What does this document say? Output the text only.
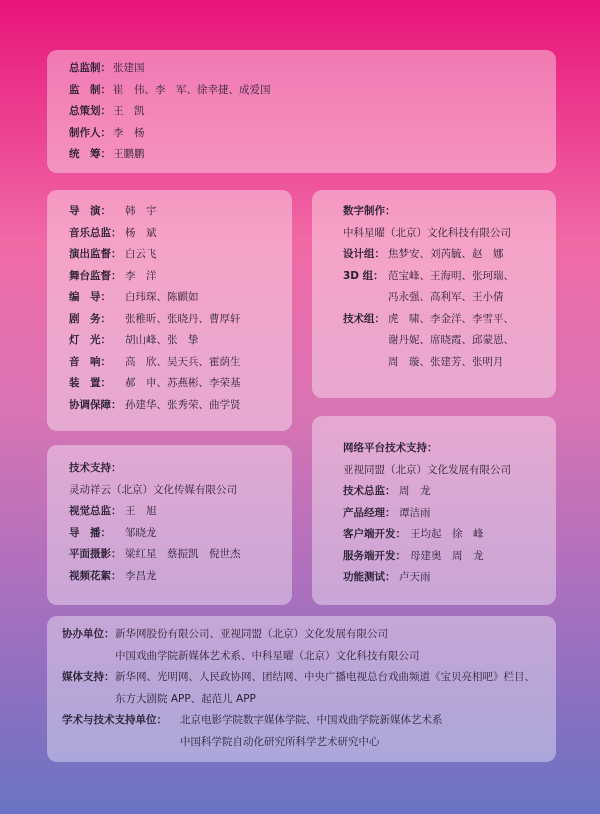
总监制： 张建国
监　制： 崔　伟、李　军、徐幸捷、成爱国
总策划： 王　凯
制作人： 李　杨
统　筹： 王鹏鹏
导　演：	韩　宇
音乐总监： 杨　斌
演出监督： 白云飞
舞台监督： 李　洋
编　导：	白玮琛、陈麒如
剧　务：	张稚昕、张晓丹、曹厚轩
灯　光：	胡山峰、张　挚
音　响：	高　欣、吴天兵、霍荫生
装　置：	郝　申、苏燕彬、李荣基
协调保障： 孙建华、张秀荣、曲学贤
数字制作：
中科星曜（北京）文化科技有限公司
设计组： 焦梦安、刘芮毓、赵　娜
3D 组： 范宝峰、王海明、张珂瑞、
冯永强、高利军、王小倩
技术组： 虎　啸、李金洋、李雪平、
谢丹妮、席晓霞、邱蒙恩、
周　璇、张建芳、张明月
技术支持：
灵动祥云（北京）文化传媒有限公司
视觉总监： 王　旭
导　播：	邹晓龙
平面摄影： 梁红星　蔡振凯　倪世杰
视频花絮： 李昌龙
网络平台技术支持：
亚视同盟（北京）文化发展有限公司
技术总监： 周　龙
产品经理： 谭洁雨
客户端开发： 王均起　徐　峰
服务端开发： 母建奥　周　龙
功能测试： 卢天雨
协办单位： 新华网股份有限公司、亚视同盟（北京）文化发展有限公司
中国戏曲学院新媒体艺术系、中科星曜（北京）文化科技有限公司
媒体支持： 新华网、光明网、人民政协网、团结网、中央广播电视总台戏曲频道《宝贝亮相吧》栏目、
东方大剧院 APP、起范儿 APP
学术与技术支持单位：	北京电影学院数字媒体学院、中国戏曲学院新媒体艺术系
中国科学院自动化研究所科学艺术研究中心
